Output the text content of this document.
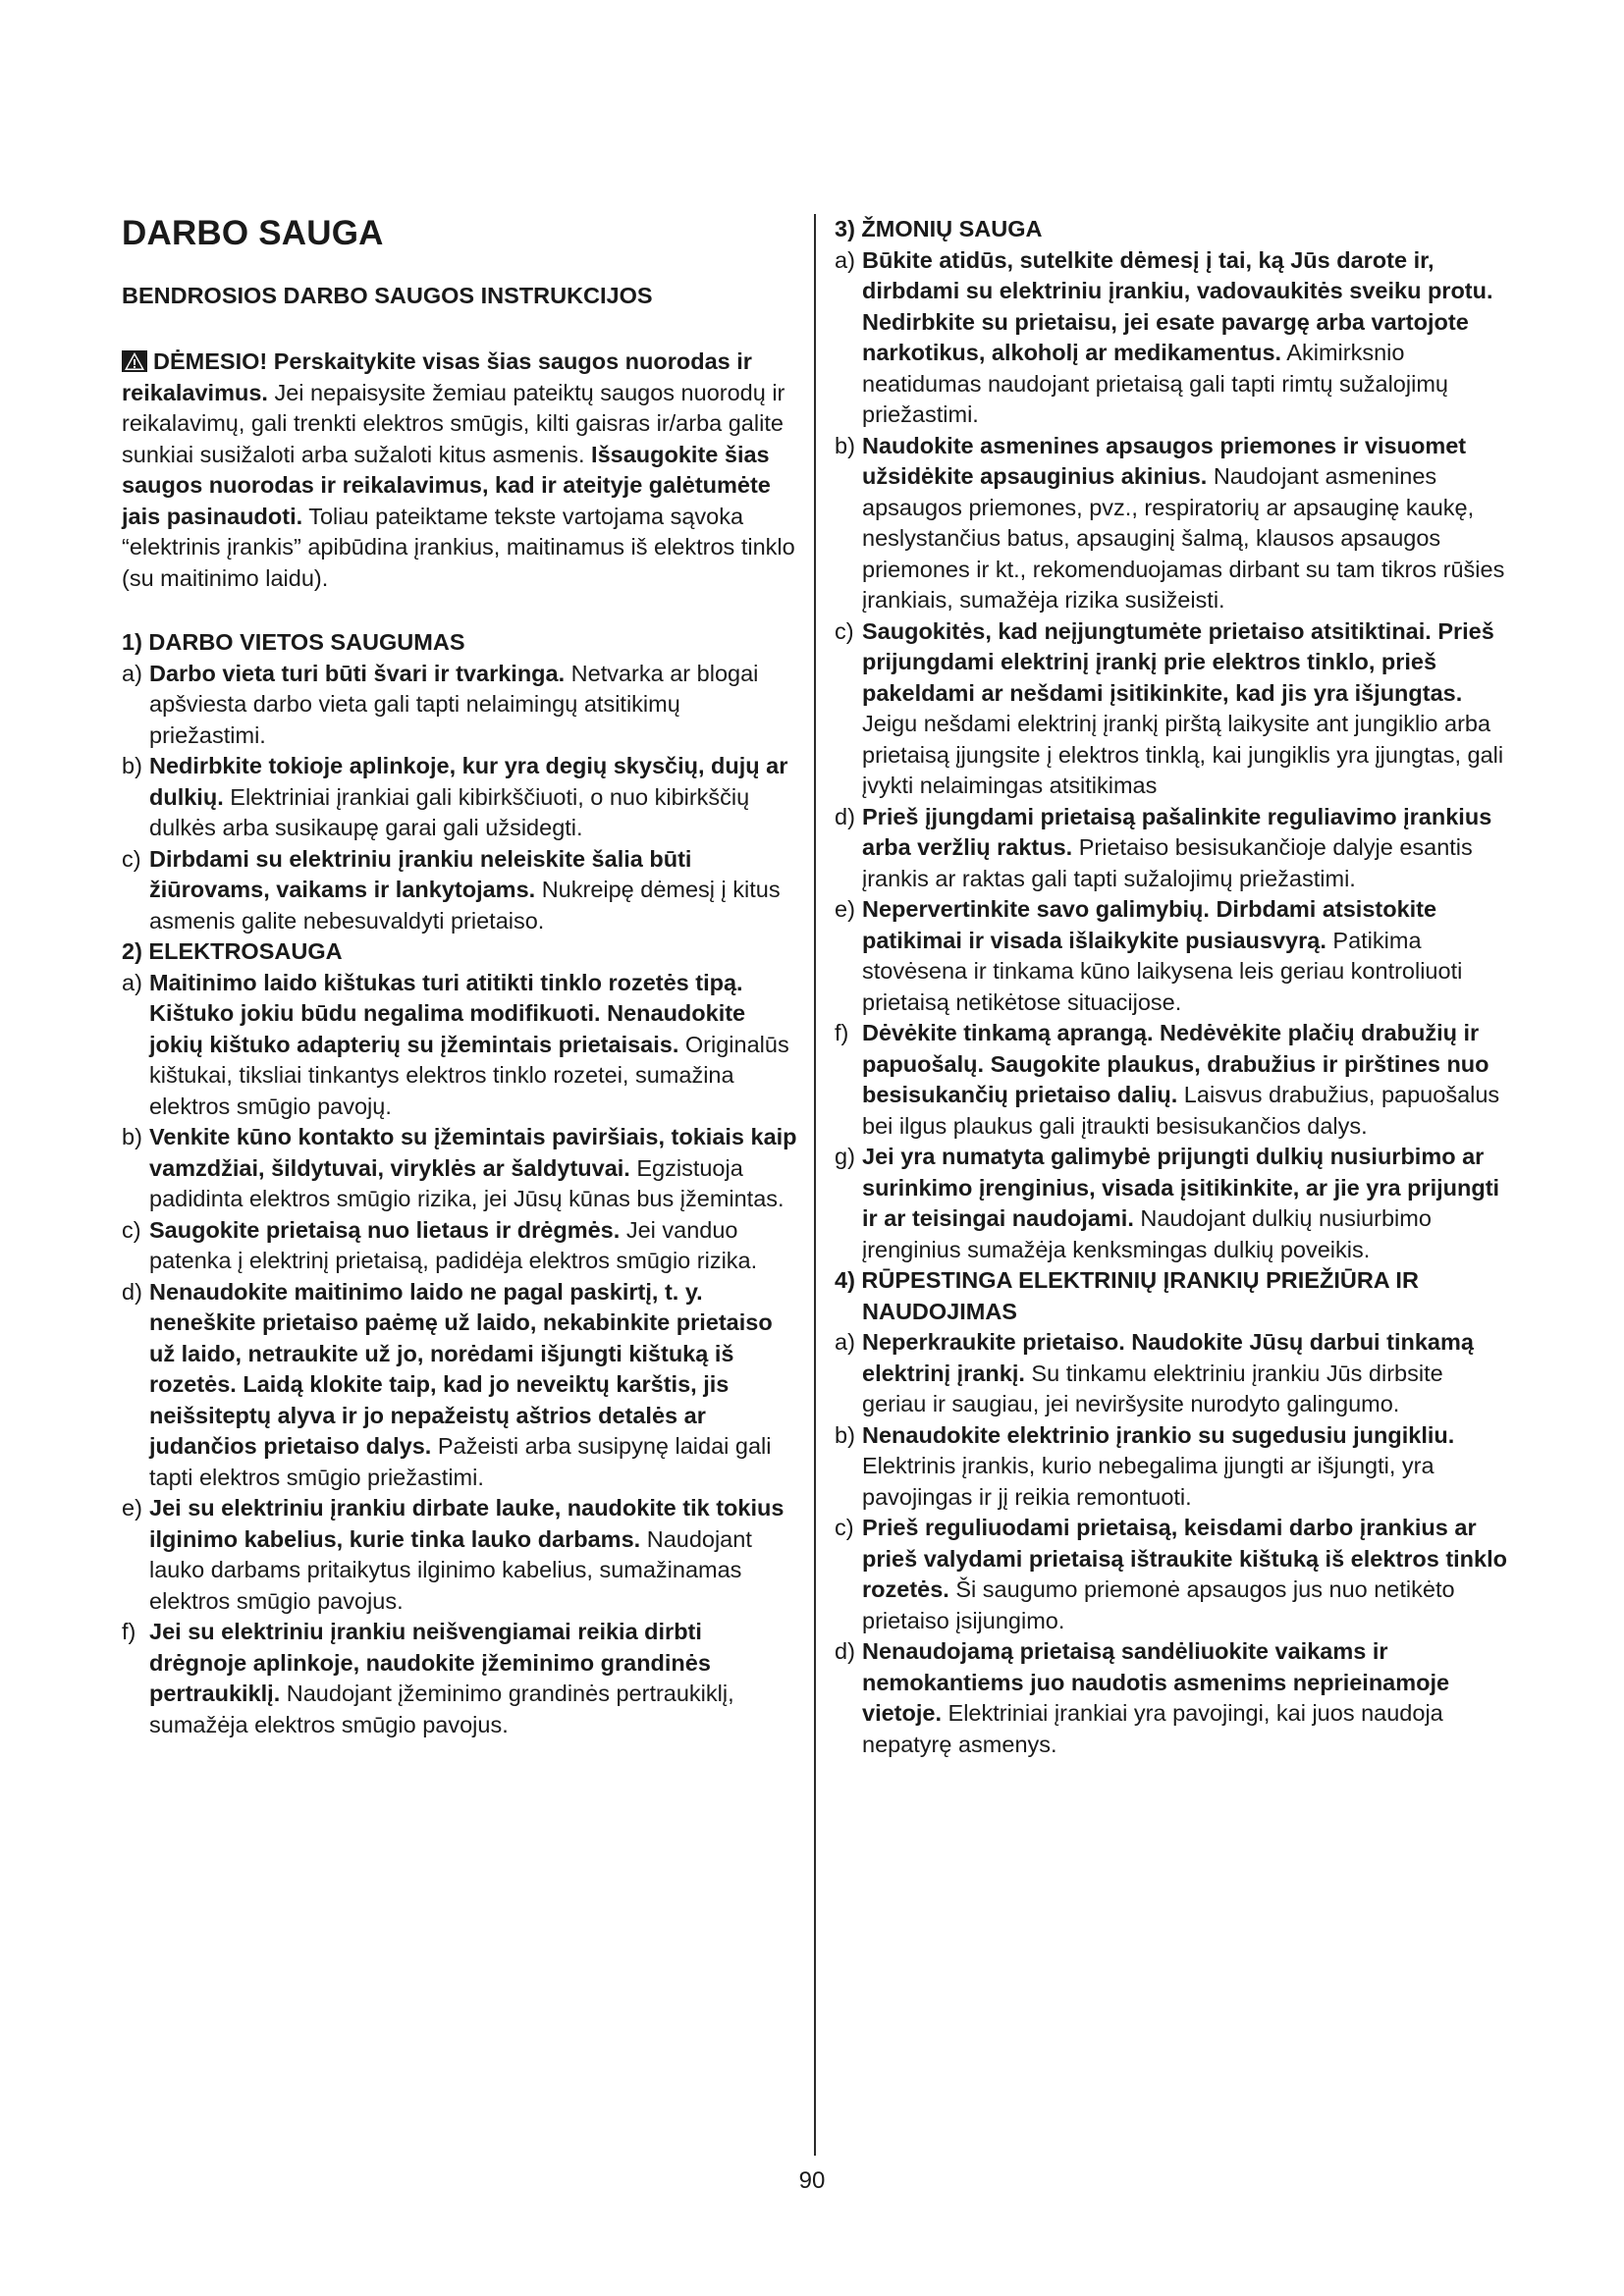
DARBO SAUGA
BENDROSIOS DARBO SAUGOS INSTRUKCIJOS
DĖMESIO! Perskaitykite visas šias saugos nuorodas ir reikalavimus. Jei nepaisysite žemiau pateiktų saugos nuorodų ir reikalavimų, gali trenkti elektros smūgis, kilti gaisras ir/arba galite sunkiai susižaloti arba sužaloti kitus asmenis. Išsaugokite šias saugos nuorodas ir reikalavimus, kad ir ateityje galėtumėte jais pasinaudoti. Toliau pateiktame tekste vartojama sąvoka “elektrinis įrankis” apibūdina įrankius, maitinamus iš elektros tinklo (su maitinimo laidu).
1) DARBO VIETOS SAUGUMAS
a) Darbo vieta turi būti švari ir tvarkinga. Netvarka ar blogai apšviesta darbo vieta gali tapti nelaimingų atsitikimų priežastimi.
b) Nedirbkite tokioje aplinkoje, kur yra degių skysčių, dujų ar dulkių. Elektriniai įrankiai gali kibirkščiuoti, o nuo kibirkščių dulkės arba susikaupę garai gali užsidegti.
c) Dirbdami su elektriniu įrankiu neleiskite šalia būti žiūrovams, vaikams ir lankytojams. Nukreipę dėmesį į kitus asmenis galite nebesuvaldyti prietaiso.
2) ELEKTROSAUGA
a) Maitinimo laido kištukas turi atitikti tinklo rozetės tipą. Kištuko jokiu būdu negalima modifikuoti. Nenaudokite jokių kištuko adapterių su įžemintais prietaisais. Originalūs kištukai, tiksliai tinkantys elektros tinklo rozetei, sumažina elektros smūgio pavojų.
b) Venkite kūno kontakto su įžemintais paviršiais, tokiais kaip vamzdžiai, šildytuvai, viryklės ar šaldytuvai. Egzistuoja padidinta elektros smūgio rizika, jei Jūsų kūnas bus įžemintas.
c) Saugokite prietaisą nuo lietaus ir drėgmės. Jei vanduo patenka į elektrinį prietaisą, padidėja elektros smūgio rizika.
d) Nenaudokite maitinimo laido ne pagal paskirtį, t. y. neneškite prietaiso paėmę už laido, nekabinkite prietaiso už laido, netraukite už jo, norėdami išjungti kištuką iš rozetės. Laidą klokite taip, kad jo neveiktų karštis, jis neišsiteptų alyva ir jo nepažeistų aštrios detalės ar judančios prietaiso dalys. Pažeisti arba susipynę laidai gali tapti elektros smūgio priežastimi.
e) Jei su elektriniu įrankiu dirbate lauke, naudokite tik tokius ilginimo kabelius, kurie tinka lauko darbams. Naudojant lauko darbams pritaikytus ilginimo kabelius, sumažinamas elektros smūgio pavojus.
f) Jei su elektriniu įrankiu neišvengiamai reikia dirbti drėgnoje aplinkoje, naudokite įžeminimo grandinės pertraukiklį. Naudojant įžeminimo grandinės pertraukiklį, sumažėja elektros smūgio pavojus.
3) ŽMONIŲ SAUGA
a) Būkite atidūs, sutelkite dėmesį į tai, ką Jūs darote ir, dirbdami su elektriniu įrankiu, vadovaukitės sveiku protu. Nedirbkite su prietaisu, jei esate pavargę arba vartojote narkotikus, alkoholį ar medikamentus. Akimirksnio neatidumas naudojant prietaisą gali tapti rimtų sužalojimų priežastimi.
b) Naudokite asmenines apsaugos priemones ir visuomet užsidėkite apsauginius akinius. Naudojant asmenines apsaugos priemones, pvz., respiratorių ar apsauginę kaukę, neslystančius batus, apsauginį šalmą, klausos apsaugos priemones ir kt., rekomenduojamas dirbant su tam tikros rūšies įrankiais, sumažėja rizika susižeisti.
c) Saugokitės, kad neįjungtumėte prietaiso atsitiktinai. Prieš prijungdami elektrinį įrankį prie elektros tinklo, prieš pakeldami ar nešdami įsitikinkite, kad jis yra išjungtas. Jeigu nešdami elektrinį įrankį pirštą laikysite ant jungiklio arba prietaisą įjungsite į elektros tinklą, kai jungiklis yra įjungtas, gali įvykti nelaimingas atsitikimas
d) Prieš įjungdami prietaisą pašalinkite reguliavimo įrankius arba veržlių raktus. Prietaiso besisukančioje dalyje esantis įrankis ar raktas gali tapti sužalojimų priežastimi.
e) Nepervertinkite savo galimybių. Dirbdami atsistokite patikimai ir visada išlaikykite pusiausvyrą. Patikima stovėsena ir tinkama kūno laikysena leis geriau kontroliuoti prietaisą netikėtose situacijose.
f) Dėvėkite tinkamą aprangą. Nedėvėkite plačių drabužių ir papuošalų. Saugokite plaukus, drabužius ir pirštines nuo besisukančių prietaiso dalių. Laisvus drabužius, papuošalus bei ilgus plaukus gali įtraukti besisukančios dalys.
g) Jei yra numatyta galimybė prijungti dulkių nusiurbimo ar surinkimo įrenginius, visada įsitikinkite, ar jie yra prijungti ir ar teisingai naudojami. Naudojant dulkių nusiurbimo įrenginius sumažėja kenksmingas dulkių poveikis.
4) RŪPESTINGA ELEKTRINIŲ ĮRANKIŲ PRIEŽIŪRA IR NAUDOJIMAS
a) Neperkraukite prietaiso. Naudokite Jūsų darbui tinkamą elektrinį įrankį. Su tinkamu elektriniu įrankiu Jūs dirbsite geriau ir saugiau, jei neviršysite nurodyto galingumo.
b) Nenaudokite elektrinio įrankio su sugedusiu jungikliu. Elektrinis įrankis, kurio nebegalima įjungti ar išjungti, yra pavojingas ir jį reikia remontuoti.
c) Prieš reguliuodami prietaisą, keisdami darbo įrankius ar prieš valydami prietaisą ištraukite kištuką iš elektros tinklo rozetės. Ši saugumo priemonė apsaugos jus nuo netikėto prietaiso įsijungimo.
d) Nenaudojamą prietaisą sandėliuokite vaikams ir nemokantiems juo naudotis asmenims neprieinamoje vietoje. Elektriniai įrankiai yra pavojingi, kai juos naudoja nepatyrę asmenys.
90
